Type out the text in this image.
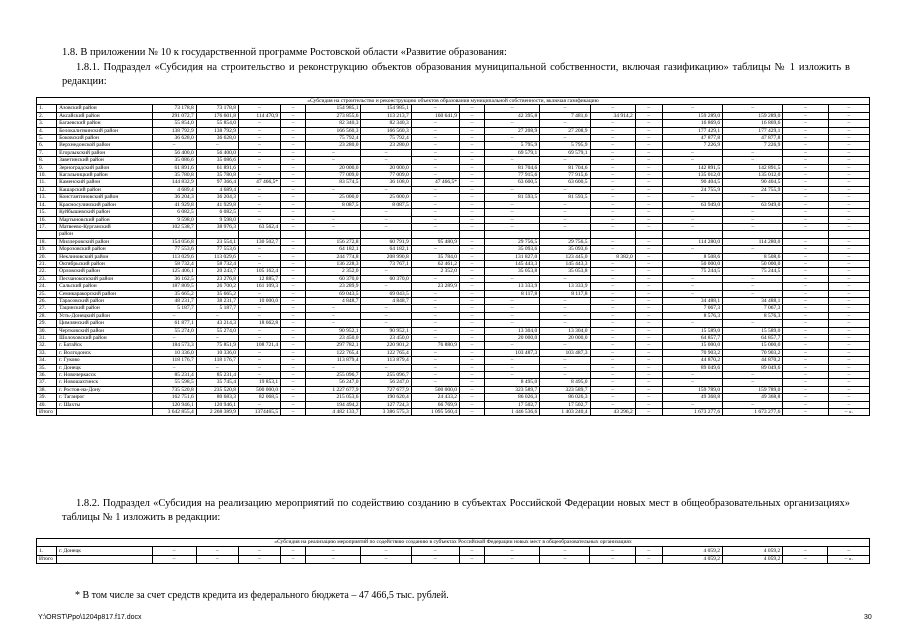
1.8. В приложении № 10 к государственной программе Ростовской области «Развитие образования:
1.8.1. Подраздел «Субсидия на строительство и реконструкцию объектов образования муниципальной собственности, включая газификацию» таблицы № 1 изложить в редакции:
«Субсидия на строительство и реконструкцию объектов образования муниципальной собственности, включая газификацию																	
1.	Азовский район	73 178,8	73 178,8	–	–	154 985,1	154 985,1	–	–	–	–	–	–	–	–	–	–
2.	Аксайский район	291 072,7	176 601,8	114 470,9	–	273 855,6	113 213,7	160 641,9	–	42 395,8	7 481,6	34 914,2	–	159 289,0	159 289,0	–	–
3.	Багаевский район	55 854,0	55 854,0	–	–	82 340,3	82 340,3	–	–	–	–	–	–	16 869,6	16 869,6	–	–
4.	Белокалитвинский район	138 792,9	138 792,9	–	–	166 560,3	166 560,3	–	–	27 208,9	27 208,9	–	–	177 429,1	177 429,1	–	–
5.	Боковский район	36 628,0	36 628,0	–	–	75 792,4	75 792,4	–	–	–	–	–	–	47 877,8	47 877,8	–	–
6.	Верхнедонской район	–	–	–	–	23 280,0	23 280,0	–	–	5 795,9	5 795,9	–	–	7 226,9	7 226,9	–	–
7.	Егорлыкский район	56 400,0	56 400,0	–	–	–	–	–	–	69 579,1	69 579,1	–	–	–	–	–	–
8.	Заветинский район	35 086,6	35 086,6	–	–	–	–	–	–	–	–	–	–	–	–	–	–
9.	Зерноградский район	61 891,6	61 891,6	–	–	20 000,0	20 000,0	–	–	81 704,6	81 704,6	–	–	142 891,5	142 891,5	–	–
10.	Кагальницкий район	35 780,8	35 780,8	–	–	77 009,0	77 009,0	–	–	77 915,6	77 915,6	–	–	135 012,0	135 012,0	–	–
11.	Каменский район	144 832,9	97 366,4	47 466,5*	–	83 574,5	36 108,0	47 466,5*	–	63 600,5	63 600,5	–	–	90 404,5	90 404,5	–	–
12.	Кашарский район	4 689,4	4 689,4	–	–	–	–	–	–	–	–	–	–	24 755,9	24 755,9	–	–
13.	Константиновский район	36 204,3	36 204,3	–	–	25 000,0	25 000,0	–	–	81 593,5	81 593,5	–	–	–	–	–	–
14.	Красносулинский район	41 929,8	41 929,8	–	–	8 087,5	8 087,5	–	–	–	–	–	–	63 949,0	63 949,0	–	–
15.	Куйбышевский район	6 082,5	6 082,5	–	–	–	–	–	–	–	–	–	–	–	–	–	–
16.	Мартыновский район	9 598,0	9 598,0	–	–	–	–	–	–	–	–	–	–	–	–	–	–
17.	Матвеево-Курганский	102 538,7	38 976,3	63 562,4	–	–	–	–	–	–	–	–	–	–	–	–	–
	район																
18.	Миллеровский район	154 056,8	23 554,1	130 502,7	–	156 272,8	60 791,9	95 480,9	–	29 756,5	29 756,5	–	–	114 280,0	114 280,0	–	–
19.	Морозовский район	77 553,6	77 553,6	–	–	64 182,1	64 182,1	–	–	35 093,6	35 093,6	–	–	–	–	–	–
20.	Неклиновский район	113 029,6	113 029,6	–	–	244 774,8	208 990,8	35 784,0	–	131 827,0	123 445,0	8 382,0	–	8 508,6	8 508,6	–	–
21.	Октябрьский район	58 732,4	58 732,4	–	–	136 228,3	73 767,1	62 461,2	–	145 443,3	145 443,3	–	–	50 000,0	50 000,0	–	–
22.	Орловский район	125 406,1	20 243,7	105 162,4	–	2 352,0	–	2 352,0	–	35 053,8	35 053,8	–	–	75 244,5	75 244,5	–	–
23.	Песчанокопский район	36 162,5	23 276,8	12 885,7	–	60 370,0	60 370,0	–	–	–	–	–	–	–	–	–	–
24.	Сальский район	187 809,5	26 700,2	161 109,3	–	23 289,9	–	23 289,9	–	13 333,9	13 333,9	–	–	–	–	–	–
25.	Семикаракорский район	35 665,2	35 665,2	–	–	69 043,5	69 043,5	–	–	8 117,8	8 117,8	–	–	–	–	–	–
26.	Тарасовский район	48 231,7	38 231,7	10 000,0	–	4 848,7	4 848,7	–	–	–	–	–	–	34 488,1	34 488,1	–	–
27.	Тацинский район	5 187,7	5 187,7	–	–	–	–	–	–	–	–	–	–	7 067,3	7 067,3	–	–
28.	Усть-Донецкий район	–	–	–	–	–	–	–	–	–	–	–	–	8 576,3	8 576,3	–	–
29.	Цимлянский район	61 877,1	43 214,3	18 662,8	–	–	–	–	–	–	–	–	–	–	–	–	–
30.	Чертковский район	55 274,0	55 274,0	–	–	90 952,1	90 952,1	–	–	13 304,0	13 304,0	–	–	15 589,0	15 589,0	–	–
31.	Шолоховский район	–	–	–	–	23 450,0	23 450,0	–	–	20 000,0	20 000,0	–	–	64 857,7	64 857,7	–	–
32.	г. Батайск	184 573,3	75 851,9	108 721,4	–	297 782,1	220 901,2	76 880,9	–	–	–	–	–	15 000,0	15 000,0	–	–
33.	г. Волгодонск	10 336,0	10 336,0	–	–	122 765,4	122 765,4	–	–	103 487,3	103 487,3	–	–	70 903,2	70 903,2	–	–
34.	г. Гуково	118 176,7	118 176,7	–	–	113 879,4	113 879,4	–	–	–	–	–	–	44 870,2	44 870,2	–	–
35.	г. Донецк	–	–	–	–	–	–	–	–	–	–	–	–	89 049,6	89 049,6	–	–
36.	г. Новочеркасск	85 231,4	85 231,4	–	–	255 096,7	255 096,7	–	–	–	–	–	–	–	–	–	–
37.	г. Новошахтинск	55 598,5	35 745,4	19 853,1	–	56 247,0	56 247,0	–	–	8 495,0	8 495,0	–	–	–	–	–	–
38.	г. Ростов-на-Дону	735 520,8	235 520,8	500 000,0	–	1 227 677,9	727 677,9	500 000,0	–	323 589,7	323 589,7	–	–	159 789,0	159 789,0	–	–
39.	г. Таганрог	162 751,6	80 683,3	82 068,5	–	215 053,6	190 620,4	24 433,2	–	86 026,3	86 026,3	–	–	49 368,8	49 368,8	–	–
40.	г. Шахты	120 946,1	120 946,1	–	–	194 494,2	127 724,3	66 769,9	–	17 502,7	17 502,7	–	–	–	–	–	–
Итого		3 642 855,4	2 268 389,9	1374465,5	–	4 482 133,7	3 386 575,3	1 095 560,4	–	1 446 536,6	1 403 240,4	43 296,2	–	1 673 277,6	1 673 277,6	–	– ».
1.8.2. Подраздел «Субсидия на реализацию мероприятий по содействию созданию в субъектах Российской Федерации новых мест в общеобразовательных организациях» таблицы № 1 изложить в редакции:
«Субсидия на реализацию мероприятий по содействию созданию в субъектах Российской Федерации новых мест в общеобразовательных организациях																	
1.	г. Донецк	–	–	–	–	–	–	–	–	–	–	–	–	4 059,2	4 059,2	–	–
Итого		–	–	–	–	–	–	–	–	–	–	–	–	4 059,2	4 059,2	–	– ».
* В том числе за счет средств кредита из федерального бюджета – 47 466,5 тыс. рублей.
Y:\ORST\Ppo\1204p817.f17.docx	30
